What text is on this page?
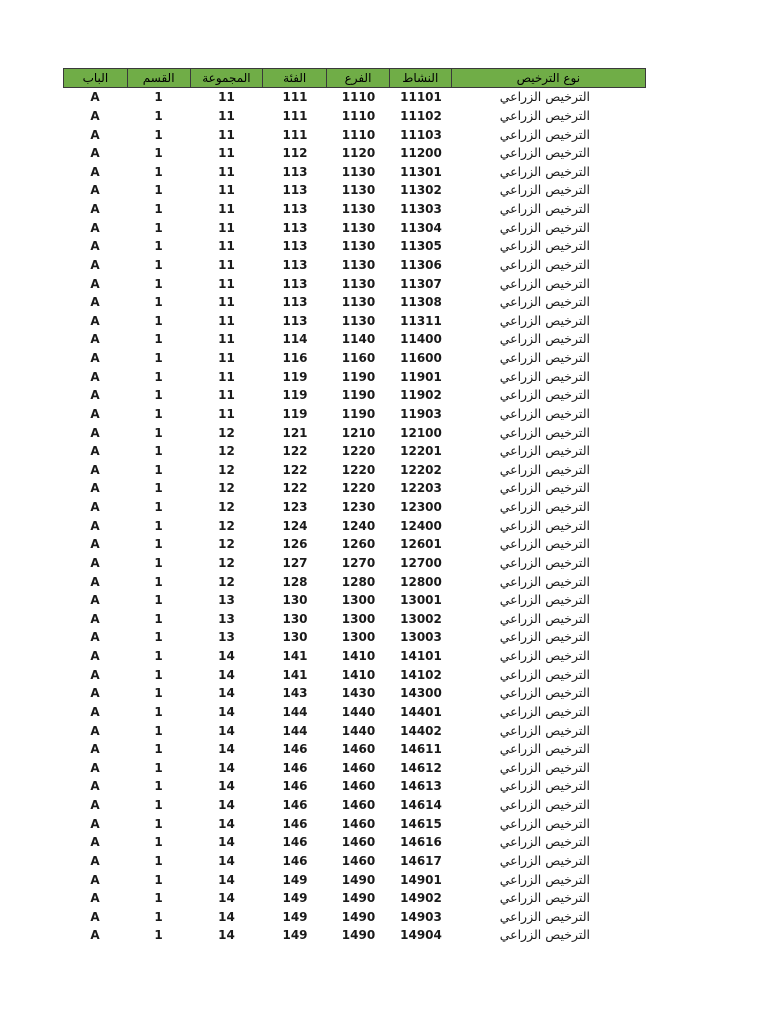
الباب	القسم	المجموعة	الفئة	الفرع	النشاط	نوع الترخيص
A	1	11	111	1110	11101	الترخيص الزراعي
A	1	11	111	1110	11102	الترخيص الزراعي
A	1	11	111	1110	11103	الترخيص الزراعي
A	1	11	112	1120	11200	الترخيص الزراعي
A	1	11	113	1130	11301	الترخيص الزراعي
A	1	11	113	1130	11302	الترخيص الزراعي
A	1	11	113	1130	11303	الترخيص الزراعي
A	1	11	113	1130	11304	الترخيص الزراعي
A	1	11	113	1130	11305	الترخيص الزراعي
A	1	11	113	1130	11306	الترخيص الزراعي
A	1	11	113	1130	11307	الترخيص الزراعي
A	1	11	113	1130	11308	الترخيص الزراعي
A	1	11	113	1130	11311	الترخيص الزراعي
A	1	11	114	1140	11400	الترخيص الزراعي
A	1	11	116	1160	11600	الترخيص الزراعي
A	1	11	119	1190	11901	الترخيص الزراعي
A	1	11	119	1190	11902	الترخيص الزراعي
A	1	11	119	1190	11903	الترخيص الزراعي
A	1	12	121	1210	12100	الترخيص الزراعي
A	1	12	122	1220	12201	الترخيص الزراعي
A	1	12	122	1220	12202	الترخيص الزراعي
A	1	12	122	1220	12203	الترخيص الزراعي
A	1	12	123	1230	12300	الترخيص الزراعي
A	1	12	124	1240	12400	الترخيص الزراعي
A	1	12	126	1260	12601	الترخيص الزراعي
A	1	12	127	1270	12700	الترخيص الزراعي
A	1	12	128	1280	12800	الترخيص الزراعي
A	1	13	130	1300	13001	الترخيص الزراعي
A	1	13	130	1300	13002	الترخيص الزراعي
A	1	13	130	1300	13003	الترخيص الزراعي
A	1	14	141	1410	14101	الترخيص الزراعي
A	1	14	141	1410	14102	الترخيص الزراعي
A	1	14	143	1430	14300	الترخيص الزراعي
A	1	14	144	1440	14401	الترخيص الزراعي
A	1	14	144	1440	14402	الترخيص الزراعي
A	1	14	146	1460	14611	الترخيص الزراعي
A	1	14	146	1460	14612	الترخيص الزراعي
A	1	14	146	1460	14613	الترخيص الزراعي
A	1	14	146	1460	14614	الترخيص الزراعي
A	1	14	146	1460	14615	الترخيص الزراعي
A	1	14	146	1460	14616	الترخيص الزراعي
A	1	14	146	1460	14617	الترخيص الزراعي
A	1	14	149	1490	14901	الترخيص الزراعي
A	1	14	149	1490	14902	الترخيص الزراعي
A	1	14	149	1490	14903	الترخيص الزراعي
A	1	14	149	1490	14904	الترخيص الزراعي
